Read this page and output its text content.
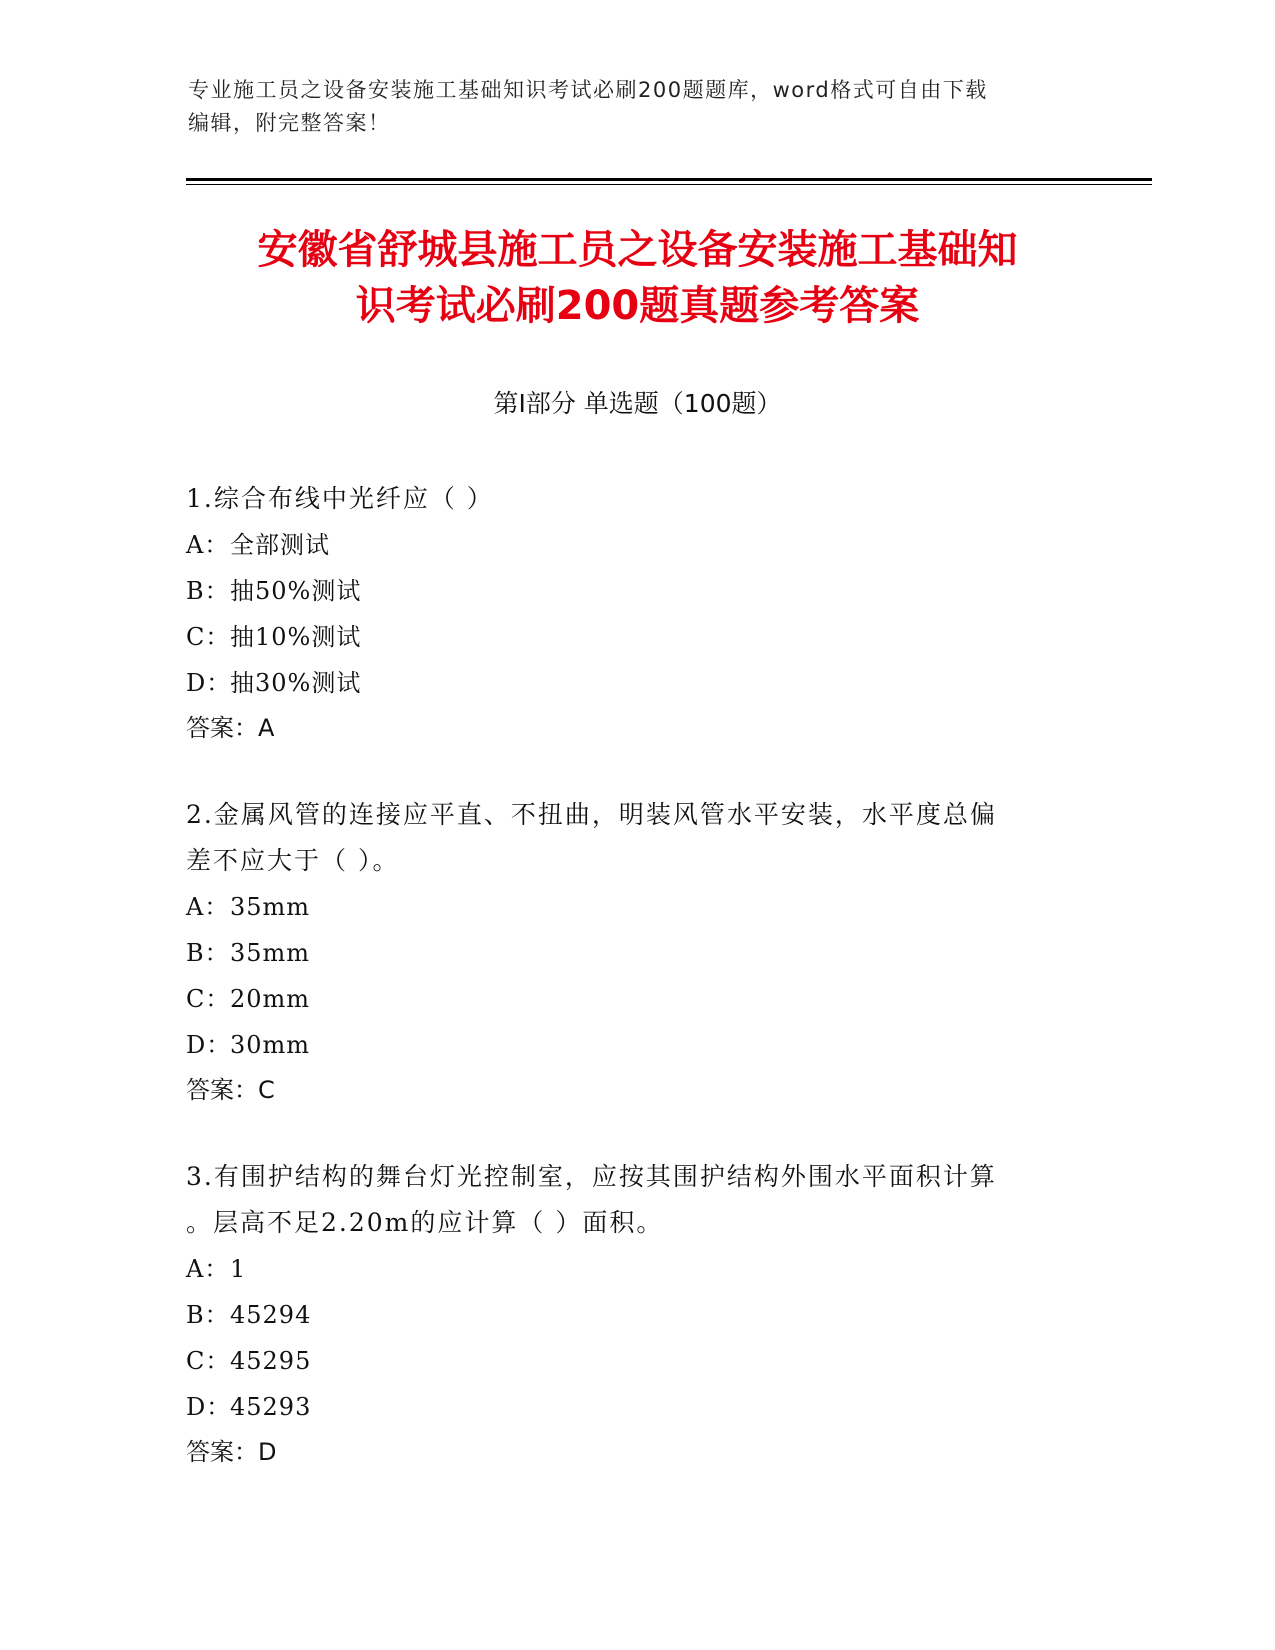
专业施工员之设备安装施工基础知识考试必刷200题题库，word格式可自由下载
编辑，附完整答案！
安徽省舒城县施工员之设备安装施工基础知
识考试必刷200题真题参考答案
第Ⅰ部分 单选题（100题）
1.综合布线中光纤应（ ）
A：全部测试
B：抽50%测试
C：抽10%测试
D：抽30%测试
答案：A
2.金属风管的连接应平直、不扭曲，明装风管水平安装，水平度总偏
差不应大于（ ）。
A：35mm
B：35mm
C：20mm
D：30mm
答案：C
3.有围护结构的舞台灯光控制室，应按其围护结构外围水平面积计算
。层高不足2.20m的应计算（ ）面积。
A：1
B：45294
C：45295
D：45293
答案：D
